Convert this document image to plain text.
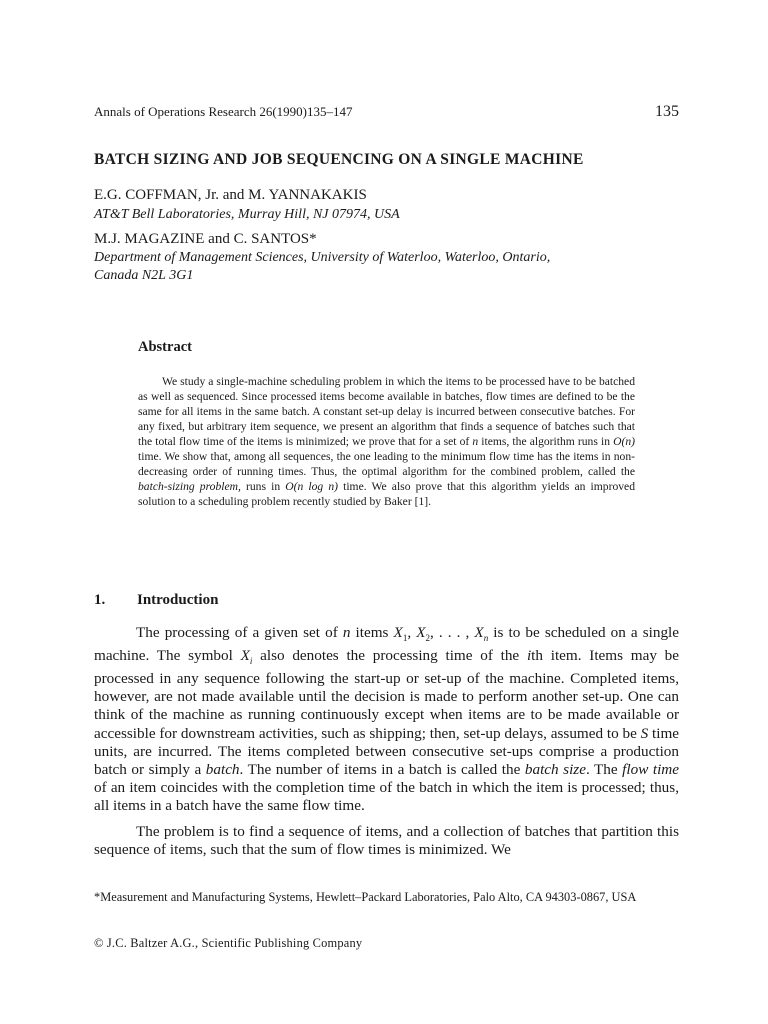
Annals of Operations Research 26(1990)135–147	135
BATCH SIZING AND JOB SEQUENCING ON A SINGLE MACHINE
E.G. COFFMAN, Jr. and M. YANNAKAKIS
AT&T Bell Laboratories, Murray Hill, NJ 07974, USA
M.J. MAGAZINE and C. SANTOS*
Department of Management Sciences, University of Waterloo, Waterloo, Ontario,
Canada N2L 3G1
Abstract

We study a single-machine scheduling problem in which the items to be processed have to be batched as well as sequenced. Since processed items become available in batches, flow times are defined to be the same for all items in the same batch. A constant set-up delay is incurred between consecutive batches. For any fixed, but arbitrary item sequence, we present an algorithm that finds a sequence of batches such that the total flow time of the items is minimized; we prove that for a set of n items, the algorithm runs in O(n) time. We show that, among all sequences, the one leading to the minimum flow time has the items in non-decreasing order of running times. Thus, the optimal algorithm for the combined problem, called the batch-sizing problem, runs in O(n log n) time. We also prove that this algorithm yields an improved solution to a scheduling problem recently studied by Baker [1].

1. Introduction

The processing of a given set of n items $X_1$, $X_2$, . . . , $X_n$ is to be scheduled on a single machine. The symbol $X_i$ also denotes the processing time of the ith item. Items may be processed in any sequence following the start-up or set-up of the machine. Completed items, however, are not made available until the decision is made to perform another set-up. One can think of the machine as running continuously except when items are to be made available or accessible for downstream activities, such as shipping; then, set-up delays, assumed to be S time units, are incurred. The items completed between consecutive set-ups comprise a production batch or simply a batch. The number of items in a batch is called the batch size. The flow time of an item coincides with the completion time of the batch in which the item is processed; thus, all items in a batch have the same flow time.

The problem is to find a sequence of items, and a collection of batches that partition this sequence of items, such that the sum of flow times is minimized. We

*Measurement and Manufacturing Systems, Hewlett–Packard Laboratories, Palo Alto, CA 94303-0867, USA

© J.C. Baltzer A.G., Scientific Publishing Company
